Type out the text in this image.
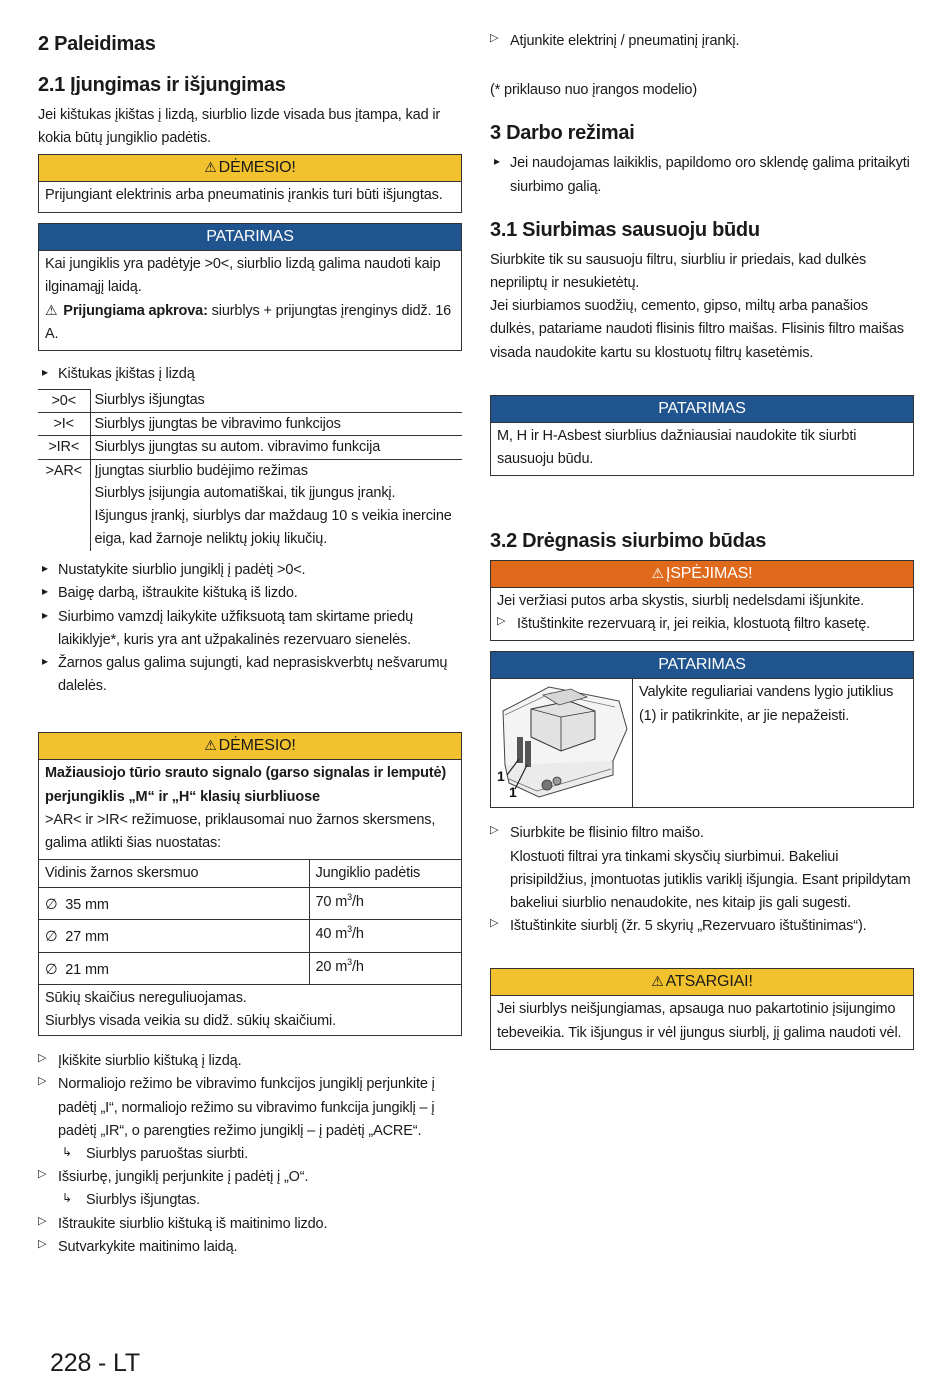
2 Paleidimas
2.1 Įjungimas ir išjungimas

Jei kištukas įkištas į lizdą, siurblio lizde visada bus įtampa, kad ir kokia būtų jungiklio padėtis.

⚠ DĖMESIO!
Prijungiant elektrinis arba pneumatinis įrankis turi būti išjungtas.
PATARIMAS

Kai jungiklis yra padėtyje >0<, siurblio lizdą galima naudoti kaip ilginamąjį laidą.

⚠ Prijungiama apkrova: siurblys + prijungtas įrenginys didž. 16 A.

▸ Kištukas įkištas į lizdą

>0<	Siurblys išjungtas
>I<	Siurblys įjungtas be vibravimo funkcijos
>IR<	Siurblys įjungtas su autom. vibravimo funkcija
>AR<	Įjungtas siurblio budėjimo režimas
Siurblys įsijungia automatiškai, tik įjungus įrankį.

Išjungus įrankį, siurblys dar maždaug 10 s veikia inercine eiga, kad žarnoje neliktų jokių likučių.

▸ Nustatykite siurblio jungiklį į padėtį >0<.

▸ Baigę darbą, ištraukite kištuką iš lizdo.

▸ Siurbimo vamzdį laikykite užfiksuotą tam skirtame priedų laikiklyje*, kuris yra ant užpakalinės rezervuaro sienelės.

▸ Žarnos galus galima sujungti, kad neprasiskverbtų nešvarumų dalelės.

⚠ DĖMESIO!

Mažiausiojo tūrio srauto signalo (garso signalas ir lemputė) perjungiklis „M“ ir „H“ klasių siurbliuose

>AR< ir >IR< režimuose, priklausomai nuo žarnos skersmens, galima atlikti šias nuostatas:

Vidinis žarnos skersmuo	Jungiklio padėtis
∅ 35 mm	70 $m^3/h$
∅ 27 mm	40 $m^3/h$
∅ 21 mm	20 $m^3/h$

Sūkių skaičius nereguliuojamas.

Siurblys visada veikia su didž. sūkių skaičiumi.	

▷ Įkiškite siurblio kištuką į lizdą.

▷ Normaliojo režimo be vibravimo funkcijos jungiklį perjunkite į padėtį „I“, normaliojo režimo su vibravimo funkcija jungiklį – į padėtį „IR“, o parengties režimo jungiklį – į padėtį „ACRE“.

↳ Siurblys paruoštas siurbti.

▷ Išsiurbę, jungiklį perjunkite į padėtį į „O“.

↳ Siurblys išjungtas.

▷ Ištraukite siurblio kištuką iš maitinimo lizdo.

▷ Sutvarkykite maitinimo laidą.

▷ Atjunkite elektrinį / pneumatinį įrankį.

(* priklauso nuo įrangos modelio)

3 Darbo režimai

▸ Jei naudojamas laikiklis, papildomo oro sklendę galima pritaikyti siurbimo galią.

3.1 Siurbimas sausuoju būdu

Siurbkite tik su sausuoju filtru, siurbliu ir priedais, kad dulkės neprilipt​ų ir nesukietėtų.

Jei siurbiamos suodžių, cemento, gipso, miltų arba panašios dulkės, patariame naudoti flisinis filtro maišas. Flisinis filtro maišas visada naudokite kartu su klostuotų filtrų kasetėmis.

PATARIMAS
M, H ir H-Asbest siurblius dažniausiai naudokite tik siurbti sausuoju būdu.
3.2 Drėgnasis siurbimo būdas
⚠ ĮSPĖJIMAS!

Jei veržiasi putos arba skystis, siurblį nedelsdami išjunkite.

▷ Ištuštinkite rezervuarą ir, jei reikia, klostuotą filtro kasetę.

PATARIMAS
1
1
Valykite reguliariai vandens lygio jutiklius (1) ir patikrinkite, ar jie nepažeisti.

▷ Siurbkite be flisinio filtro maišo.

Klostuoti filtrai yra tinkami skysčių siurbimui. Bakeliui prisipildžius, įmontuotas jutiklis variklį išjungia. Esant pripildytam bakeliui siurblio nenaudokite, nes kitaip jis gali sugesti.

▷ Ištuštinkite siurblį (žr. 5 skyrių „Rezervuaro ištuštinimas“).

⚠ ATSARGIAI!
Jei siurblys neišjungiamas, apsauga nuo pakartotinio įsijungimo tebeveikia. Tik išjungus ir vėl įjungus siurblį, jį galima naudoti vėl.
228 - LT
